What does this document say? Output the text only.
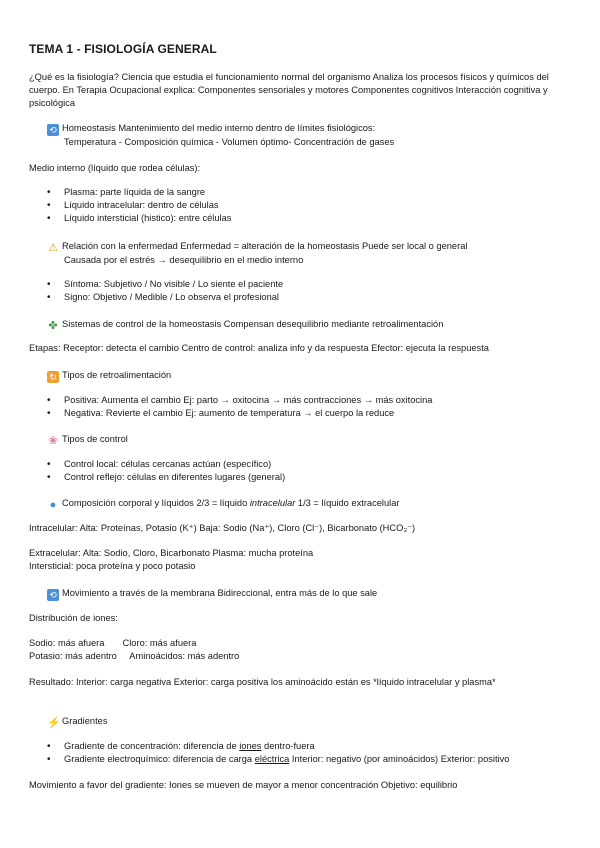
TEMA 1 - FISIOLOGÍA GENERAL

¿Qué es la fisiología? Ciencia que estudia el funcionamiento normal del organismo Analiza los procesos físicos y químicos del cuerpo. En Terapia Ocupacional explica: Componentes sensoriales y motores Componentes cognitivos Interacción cognitiva y psicológica

⟲ Homeostasis Mantenimiento del medio interno dentro de límites fisiológicos:

Temperatura - Composición química - Volumen óptimo- Concentración de gases

Medio interno (líquido que rodea células):

• Plasma: parte líquida de la sangre
• Líquido intracelular: dentro de células
• Líquido intersticial (histico): entre células

⚠ Relación con la enfermedad Enfermedad = alteración de la homeostasis Puede ser local o general

Causada por el estrés → desequilibrio en el medio interno

• Síntoma: Subjetivo / No visible / Lo siente el paciente
• Signo: Objetivo / Medible / Lo observa el profesional

✤ Sistemas de control de la homeostasis Compensan desequilibrio mediante retroalimentación

Etapas: Receptor: detecta el cambio Centro de control: analiza info y da respuesta Efector: ejecuta la respuesta

↻ Tipos de retroalimentación

• Positiva: Aumenta el cambio Ej: parto → oxitocina → más contracciones → más oxitocina
• Negativa: Revierte el cambio Ej: aumento de temperatura → el cuerpo la reduce

❀ Tipos de control

• Control local: células cercanas actúan (específico)
• Control reflejo: células en diferentes lugares (general)

● Composición corporal y líquidos 2/3 = líquido intracelular 1/3 = líquido extracelular

Intracelular: Alta: Proteínas, Potasio (K⁺) Baja: Sodio (Na⁺), Cloro (Cl⁻), Bicarbonato (HCO₃⁻)

Extracelular: Alta: Sodio, Cloro, Bicarbonato Plasma: mucha proteína

Intersticial: poca proteína y poco potasio

⟲ Movimiento a través de la membrana Bidireccional, entra más de lo que sale

Distribución de iones:

Sodio: más afuera       Cloro: más afuera

Potasio: más adentro     Aminoácidos: más adentro

Resultado: Interior: carga negativa Exterior: carga positiva los aminoácido están es *líquido intracelular y plasma*

⚡Gradientes

• Gradiente de concentración: diferencia de iones dentro-fuera
• Gradiente electroquímico: diferencia de carga eléctrica Interior: negativo (por aminoácidos) Exterior: positivo

Movimiento a favor del gradiente: Iones se mueven de mayor a menor concentración Objetivo: equilibrio
